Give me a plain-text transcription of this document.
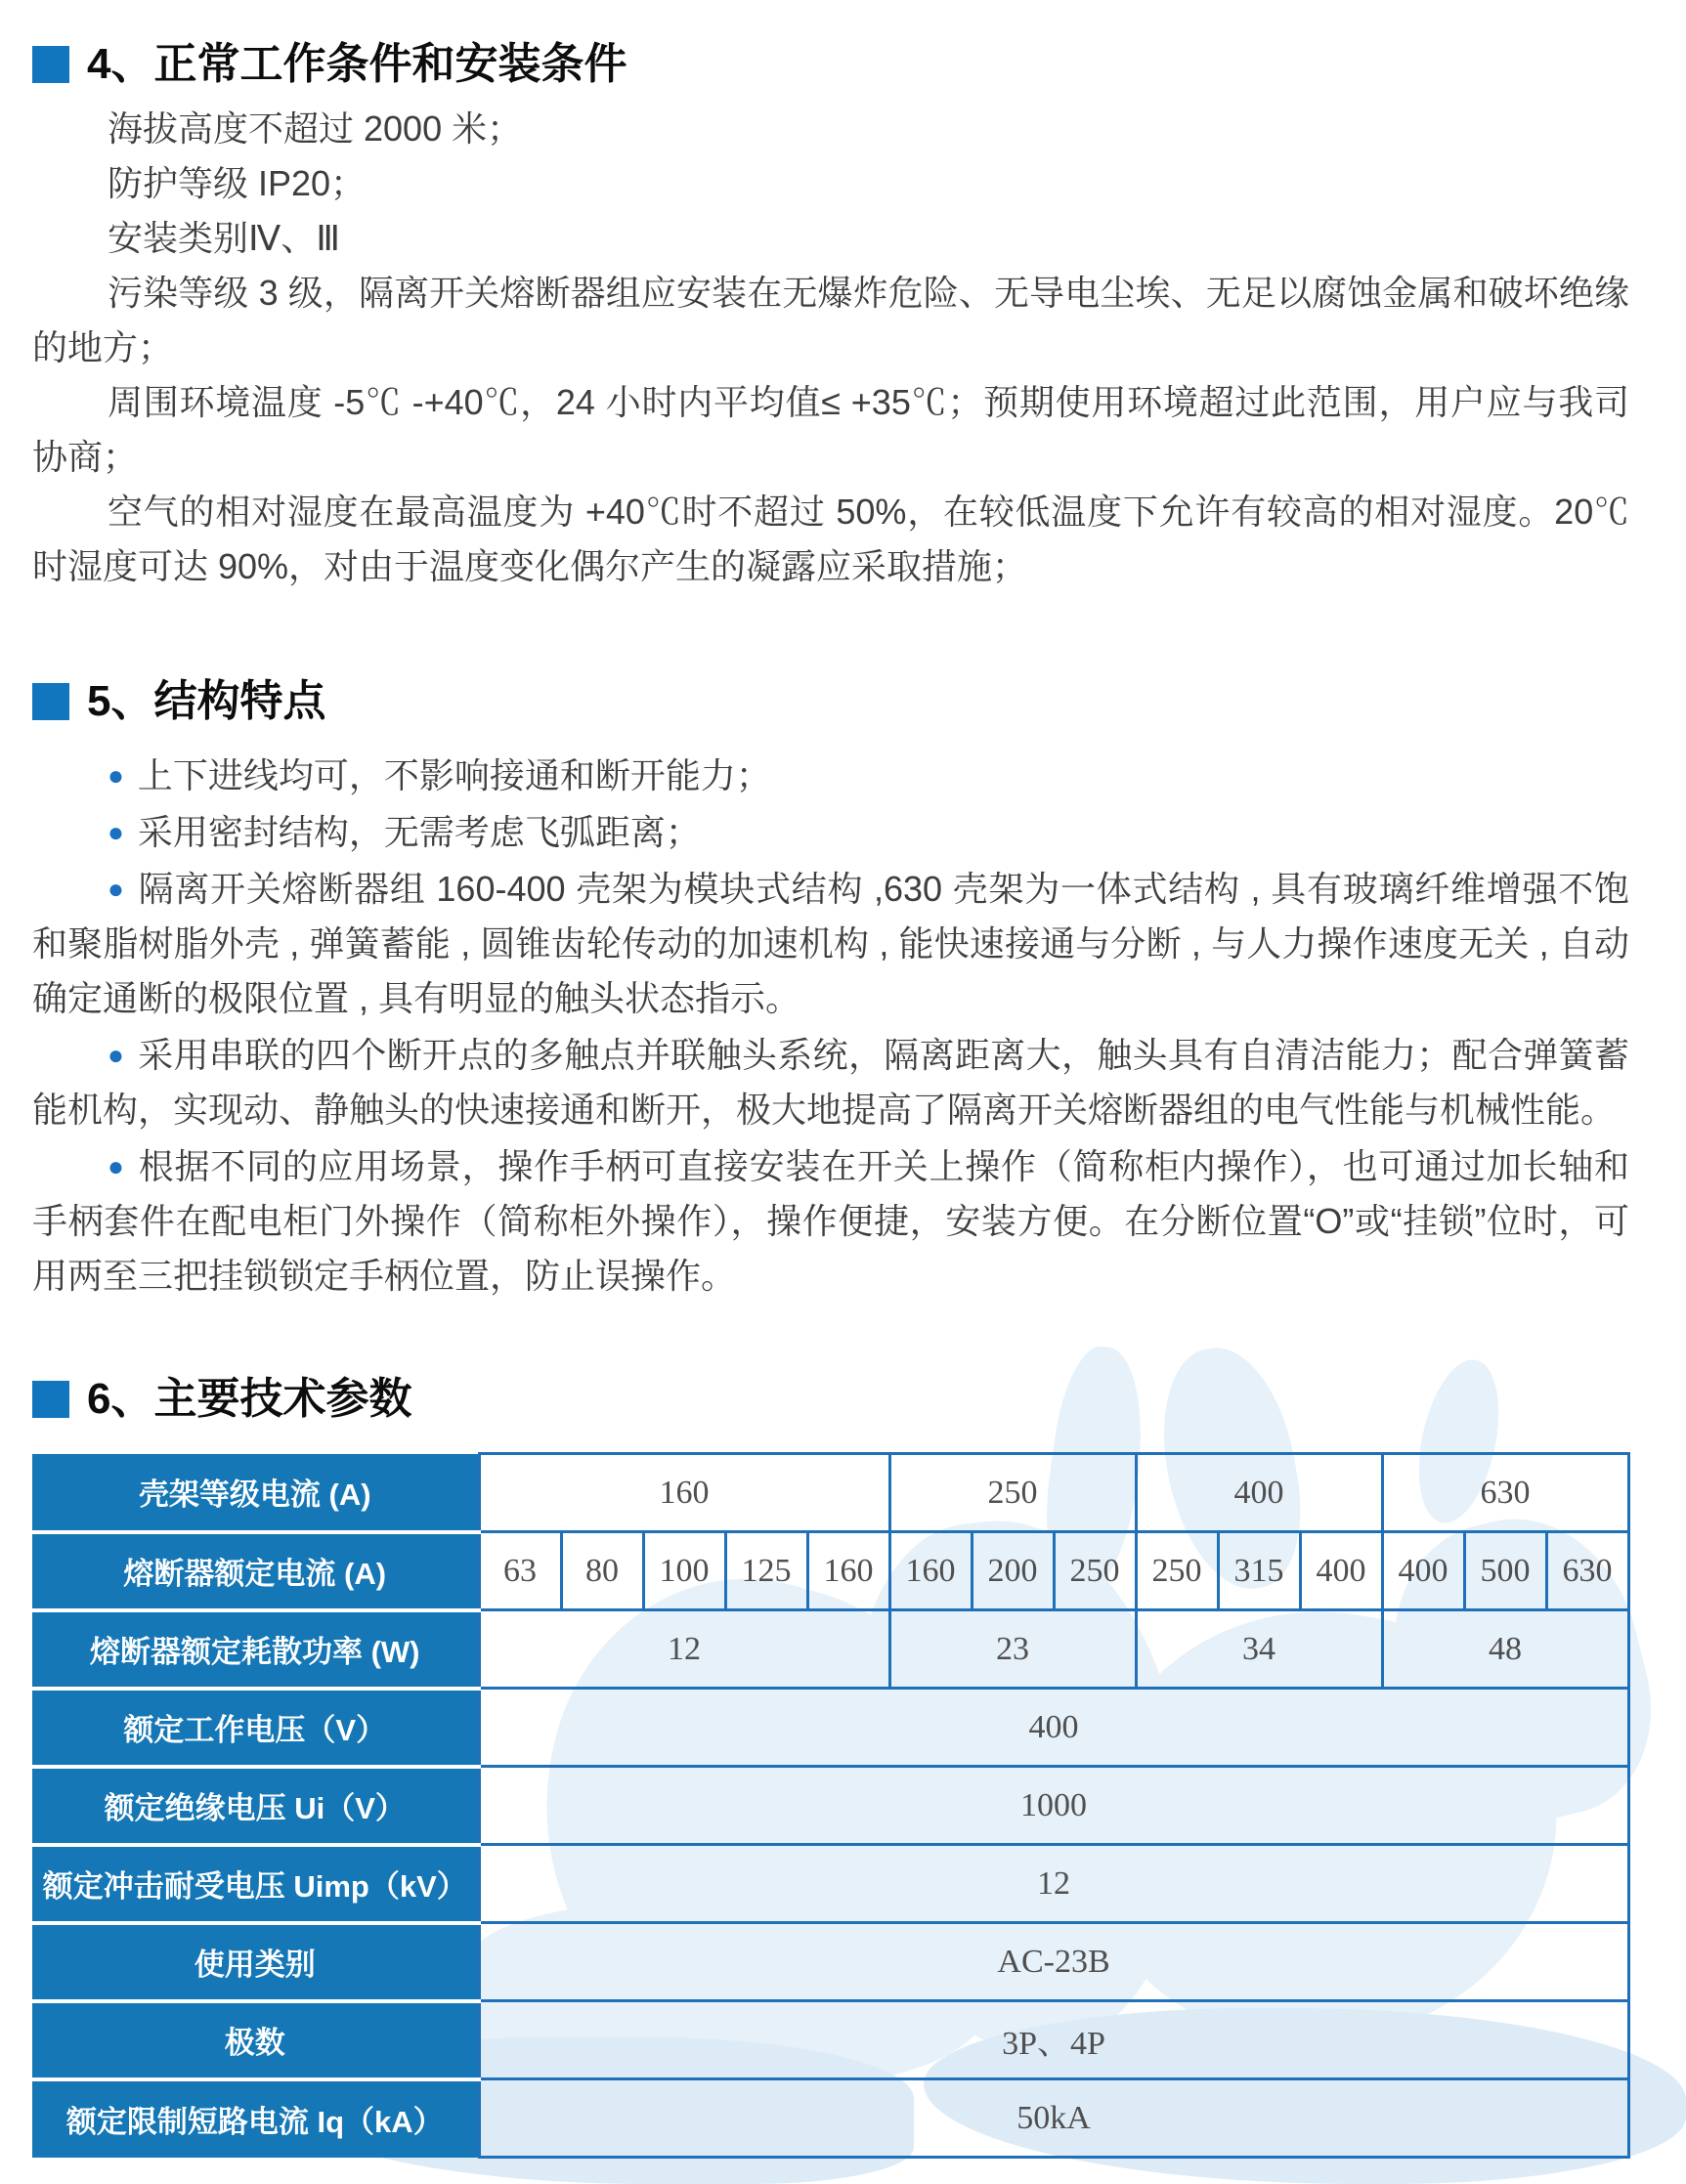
4、正常工作条件和安装条件

海拔高度不超过 2000 米；

防护等级 IP20；

安装类别Ⅳ、Ⅲ

污染等级 3 级，隔离开关熔断器组应安装在无爆炸危险、无导电尘埃、无足以腐蚀金属和破坏绝缘的地方；

周围环境温度 -5℃ -+40℃，24 小时内平均值≤ +35℃；预期使用环境超过此范围，用户应与我司协商；

空气的相对湿度在最高温度为 +40℃时不超过 50%，在较低温度下允许有较高的相对湿度。20℃时湿度可达 90%，对由于温度变化偶尔产生的凝露应采取措施；

5、结构特点

● 上下进线均可，不影响接通和断开能力；

● 采用密封结构，无需考虑飞弧距离；

● 隔离开关熔断器组 160-400 壳架为模块式结构 ,630 壳架为一体式结构 , 具有玻璃纤维增强不饱和聚脂树脂外壳 , 弹簧蓄能 , 圆锥齿轮传动的加速机构 , 能快速接通与分断 , 与人力操作速度无关 , 自动确定通断的极限位置 , 具有明显的触头状态指示。

● 采用串联的四个断开点的多触点并联触头系统，隔离距离大，触头具有自清洁能力；配合弹簧蓄能机构，实现动、静触头的快速接通和断开，极大地提高了隔离开关熔断器组的电气性能与机械性能。

● 根据不同的应用场景，操作手柄可直接安装在开关上操作（简称柜内操作），也可通过加长轴和手柄套件在配电柜门外操作（简称柜外操作），操作便捷，安装方便。在分断位置“O”或“挂锁”位时，可用两至三把挂锁锁定手柄位置，防止误操作。

6、主要技术参数
壳架等级电流 (A)	160					250			400			630		
熔断器额定电流 (A)	63	80	100	125	160	160	200	250	250	315	400	400	500	630
熔断器额定耗散功率 (W)	12					23			34			48		
额定工作电压（V）	400													
额定绝缘电压 Ui（V）	1000													
额定冲击耐受电压 Uimp（kV）	12													
使用类别	AC-23B													
极数	3P、4P													
额定限制短路电流 Iq（kA）	50kA													
